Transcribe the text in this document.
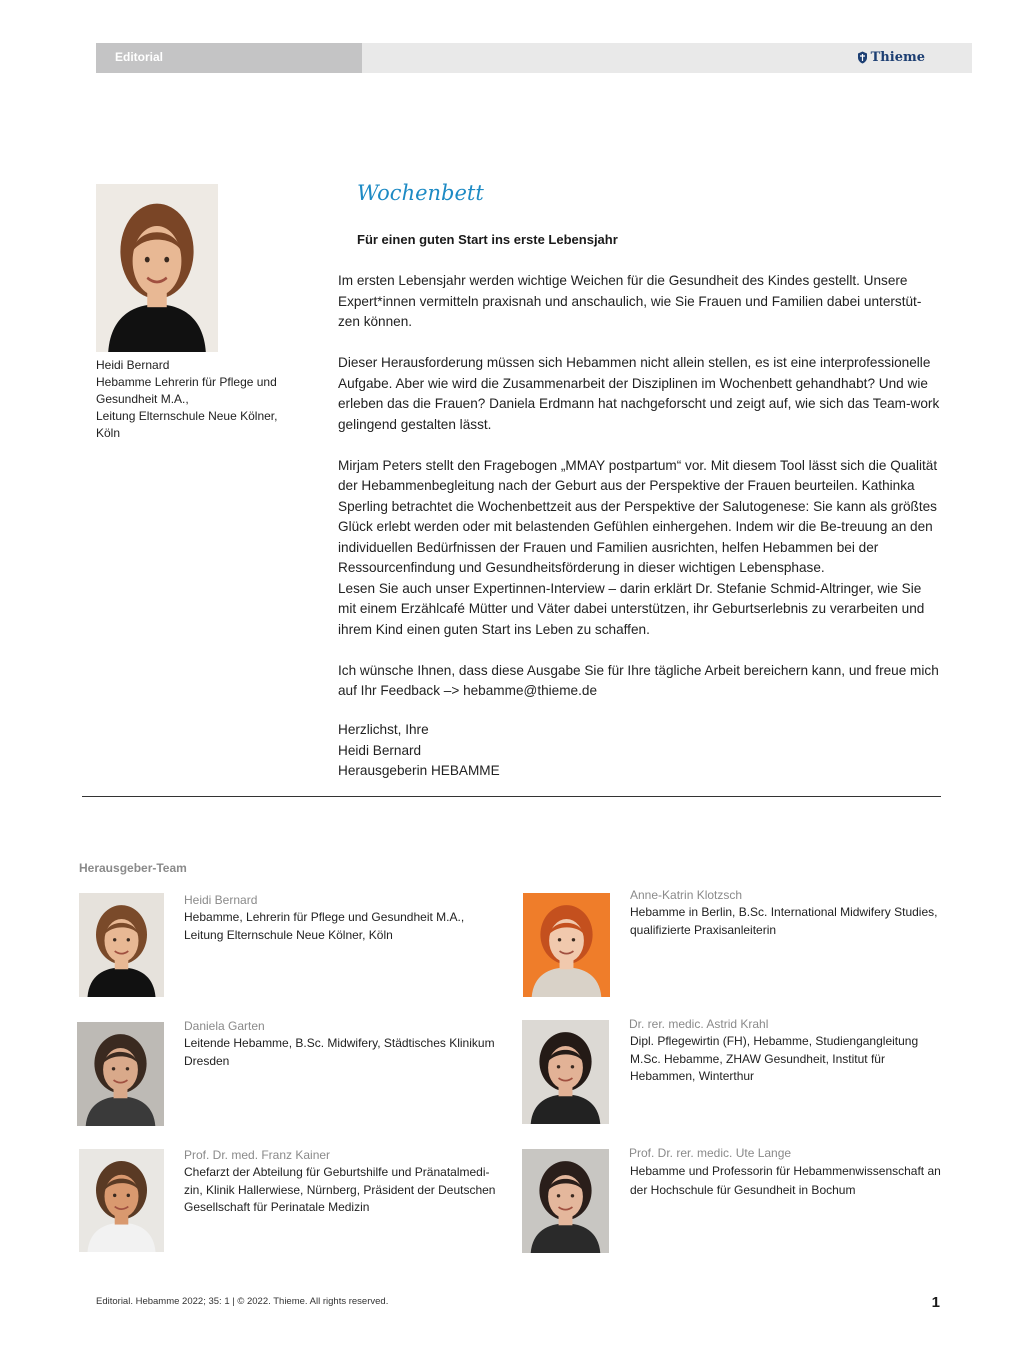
Editorial	Thieme
Heidi Bernard
Hebamme Lehrerin für Pflege und Gesundheit M.A.,
Leitung Elternschule Neue Kölner, Köln
Wochenbett
Für einen guten Start ins erste Lebensjahr

Im ersten Lebensjahr werden wichtige Weichen für die Gesundheit des Kindes gestellt. Unsere Expert*innen vermitteln praxisnah und anschaulich, wie Sie Frauen und Familien dabei unterstüt-zen können.

Dieser Herausforderung müssen sich Hebammen nicht allein stellen, es ist eine interprofessionelle Aufgabe. Aber wie wird die Zusammenarbeit der Disziplinen im Wochenbett gehandhabt? Und wie erleben das die Frauen? Daniela Erdmann hat nachgeforscht und zeigt auf, wie sich das Team-work gelingend gestalten lässt.

Mirjam Peters stellt den Fragebogen „MMAY postpartum“ vor. Mit diesem Tool lässt sich die Qualität der Hebammenbegleitung nach der Geburt aus der Perspektive der Frauen beurteilen. Kathinka Sperling betrachtet die Wochenbettzeit aus der Perspektive der Salutogenese: Sie kann als größtes Glück erlebt werden oder mit belastenden Gefühlen einhergehen. Indem wir die Be-treuung an den individuellen Bedürfnissen der Frauen und Familien ausrichten, helfen Hebammen bei der Ressourcenfindung und Gesundheitsförderung in dieser wichtigen Lebensphase.
Lesen Sie auch unser Expertinnen-Interview – darin erklärt Dr. Stefanie Schmid-Altringer, wie Sie mit einem Erzählcafé Mütter und Väter dabei unterstützen, ihr Geburtserlebnis zu verarbeiten und ihrem Kind einen guten Start ins Leben zu schaffen.

Ich wünsche Ihnen, dass diese Ausgabe Sie für Ihre tägliche Arbeit bereichern kann, und freue mich auf Ihr Feedback –> hebamme@thieme.de

Herzlichst, Ihre
Heidi Bernard
Herausgeberin HEBAMME
Herausgeber-Team
Heidi Bernard
Hebamme, Lehrerin für Pflege und Gesundheit M.A.,
Leitung Elternschule Neue Kölner, Köln
Anne-Katrin Klotzsch
Hebamme in Berlin, B.Sc. International Midwifery Studies,
qualifizierte Praxisanleiterin
Daniela Garten
Leitende Hebamme, B.Sc. Midwifery, Städtisches Klinikum
Dresden
Dr. rer. medic. Astrid Krahl
Dipl. Pflegewirtin (FH), Hebamme, Studiengangleitung
M.Sc. Hebamme, ZHAW Gesundheit, Institut für
Hebammen, Winterthur
Prof. Dr. med. Franz Kainer
Chefarzt der Abteilung für Geburtshilfe und Pränatalmedi-
zin, Klinik Hallerwiese, Nürnberg, Präsident der Deutschen
Gesellschaft für Perinatale Medizin
Prof. Dr. rer. medic. Ute Lange
Hebamme und Professorin für Hebammenwissenschaft an
der Hochschule für Gesundheit in Bochum
Editorial. Hebamme 2022; 35: 1 | © 2022. Thieme. All rights reserved.	1
